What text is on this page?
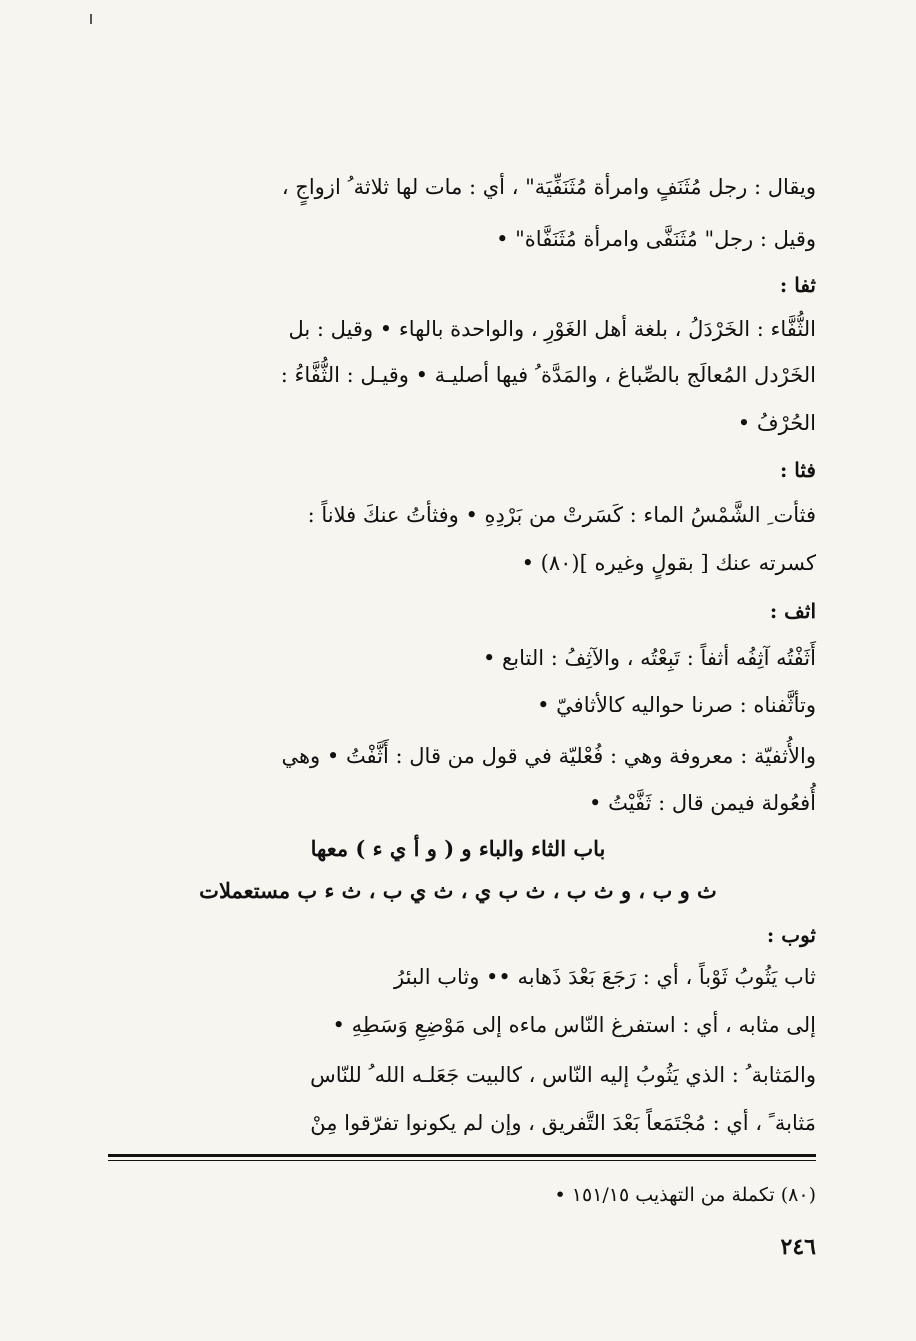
ويقال : رجل مُثَنَفٍ وامرأة مُثَنَفِّيَة" ، أي : مات لها ثلاثة ُ ازواجٍ ،
وقيل : رجل" مُثَنَفَّى وامرأة مُثَنَفَّاة" •
ثفا :
الثُّفَّاء : الخَرْدَلُ ، بلغة أهل الغَوْرِ ، والواحدة بالهاء • وقيل : بل
الخَرْدل المُعالَج بالصِّباغ ، والمَدَّة ُ فيها أصليـة • وقيـل : الثُّفَّاءُ :
الحُرْفُ •
فثا :
فثأت ِ الشَّمْسُ الماء : كَسَرتْ من بَرْدِهِ • وفثأتُ عنكَ فلاناً :
كسرته عنك [ بقولٍ وغيره ](٨٠) •
اثف :
أَثَفْتُه آثِفُه أثفاً : تَبِعْتُه ، والآثِفُ : التابع •
وتأثَّفناه : صرنا حواليه كالأثافيّ •
والأُثفيّة : معروفة وهي : فُعْليّة في قول من قال : أَثَّفْتُ • وهي
أُفعُولة فيمن قال : ثَفَّيْتُ •
باب الثاء والباء و ( و أ ي ء ) معها
ث و ب ، و ث ب ، ث ب ي ، ث ي ب ، ث ء ب مستعملات
ثوب :
ثاب يَثُوبُ ثَوْباً ، أي : رَجَعَ بَعْدَ ذَهابه •• وثاب البئرُ
إلى مثابه ، أي : استفرغ النّاس ماءه إلى مَوْضِعِ وَسَطِهِ •
والمَثابة ُ : الذي يَثُوبُ إليه النّاس ، كالبيت جَعَلـه الله ُ للنّاس
مَثابة ً ، أي : مُجْتَمَعاً بَعْدَ التَّفريق ، وإن لم يكونوا تفرّقوا مِنْ
(٨٠) تكملة من التهذيب ١٥١/١٥ •
٢٤٦
